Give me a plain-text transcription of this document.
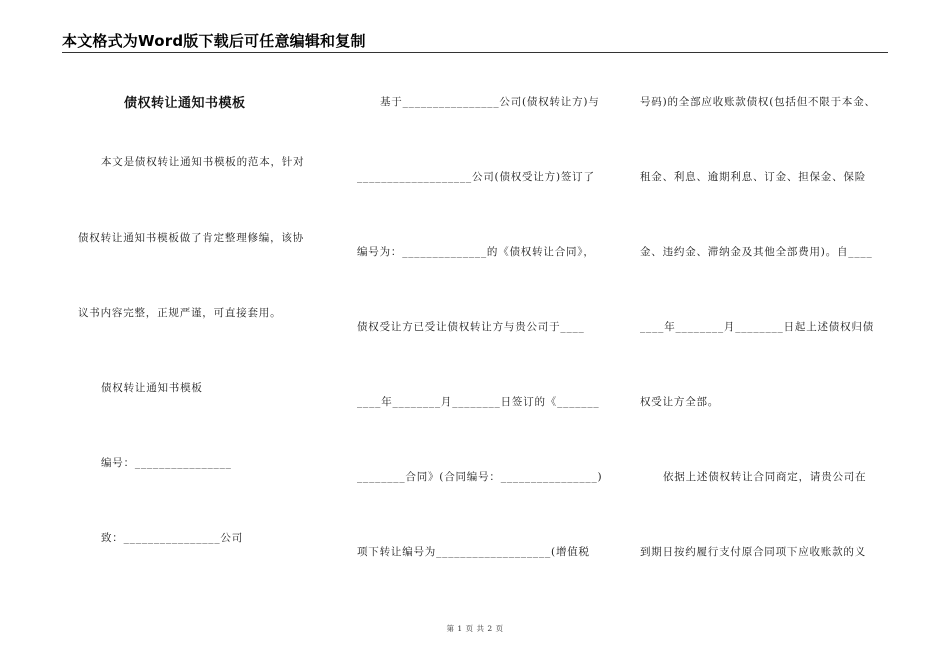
本文格式为Word版下载后可任意编辑和复制
债权转让通知书模板
本文是债权转让通知书模板的范本，针对
债权转让通知书模板做了肯定整理修编，该协
议书内容完整，正规严谨，可直接套用。
债权转让通知书模板
编号：________________
致：________________公司
基于________________公司(债权转让方)与
___________________公司(债权受让方)签订了
编号为：______________的《债权转让合同》，
债权受让方已受让债权转让方与贵公司于____
____年________月________日签订的《_______
________合同》(合同编号：________________)
项下转让编号为___________________(增值税
号码)的全部应收账款债权(包括但不限于本金、
租金、利息、逾期利息、订金、担保金、保险
金、违约金、滞纳金及其他全部费用)。自____
____年________月________日起上述债权归债
权受让方全部。
依据上述债权转让合同商定，请贵公司在
到期日按约履行支付原合同项下应收账款的义
第 1 页 共 2 页
